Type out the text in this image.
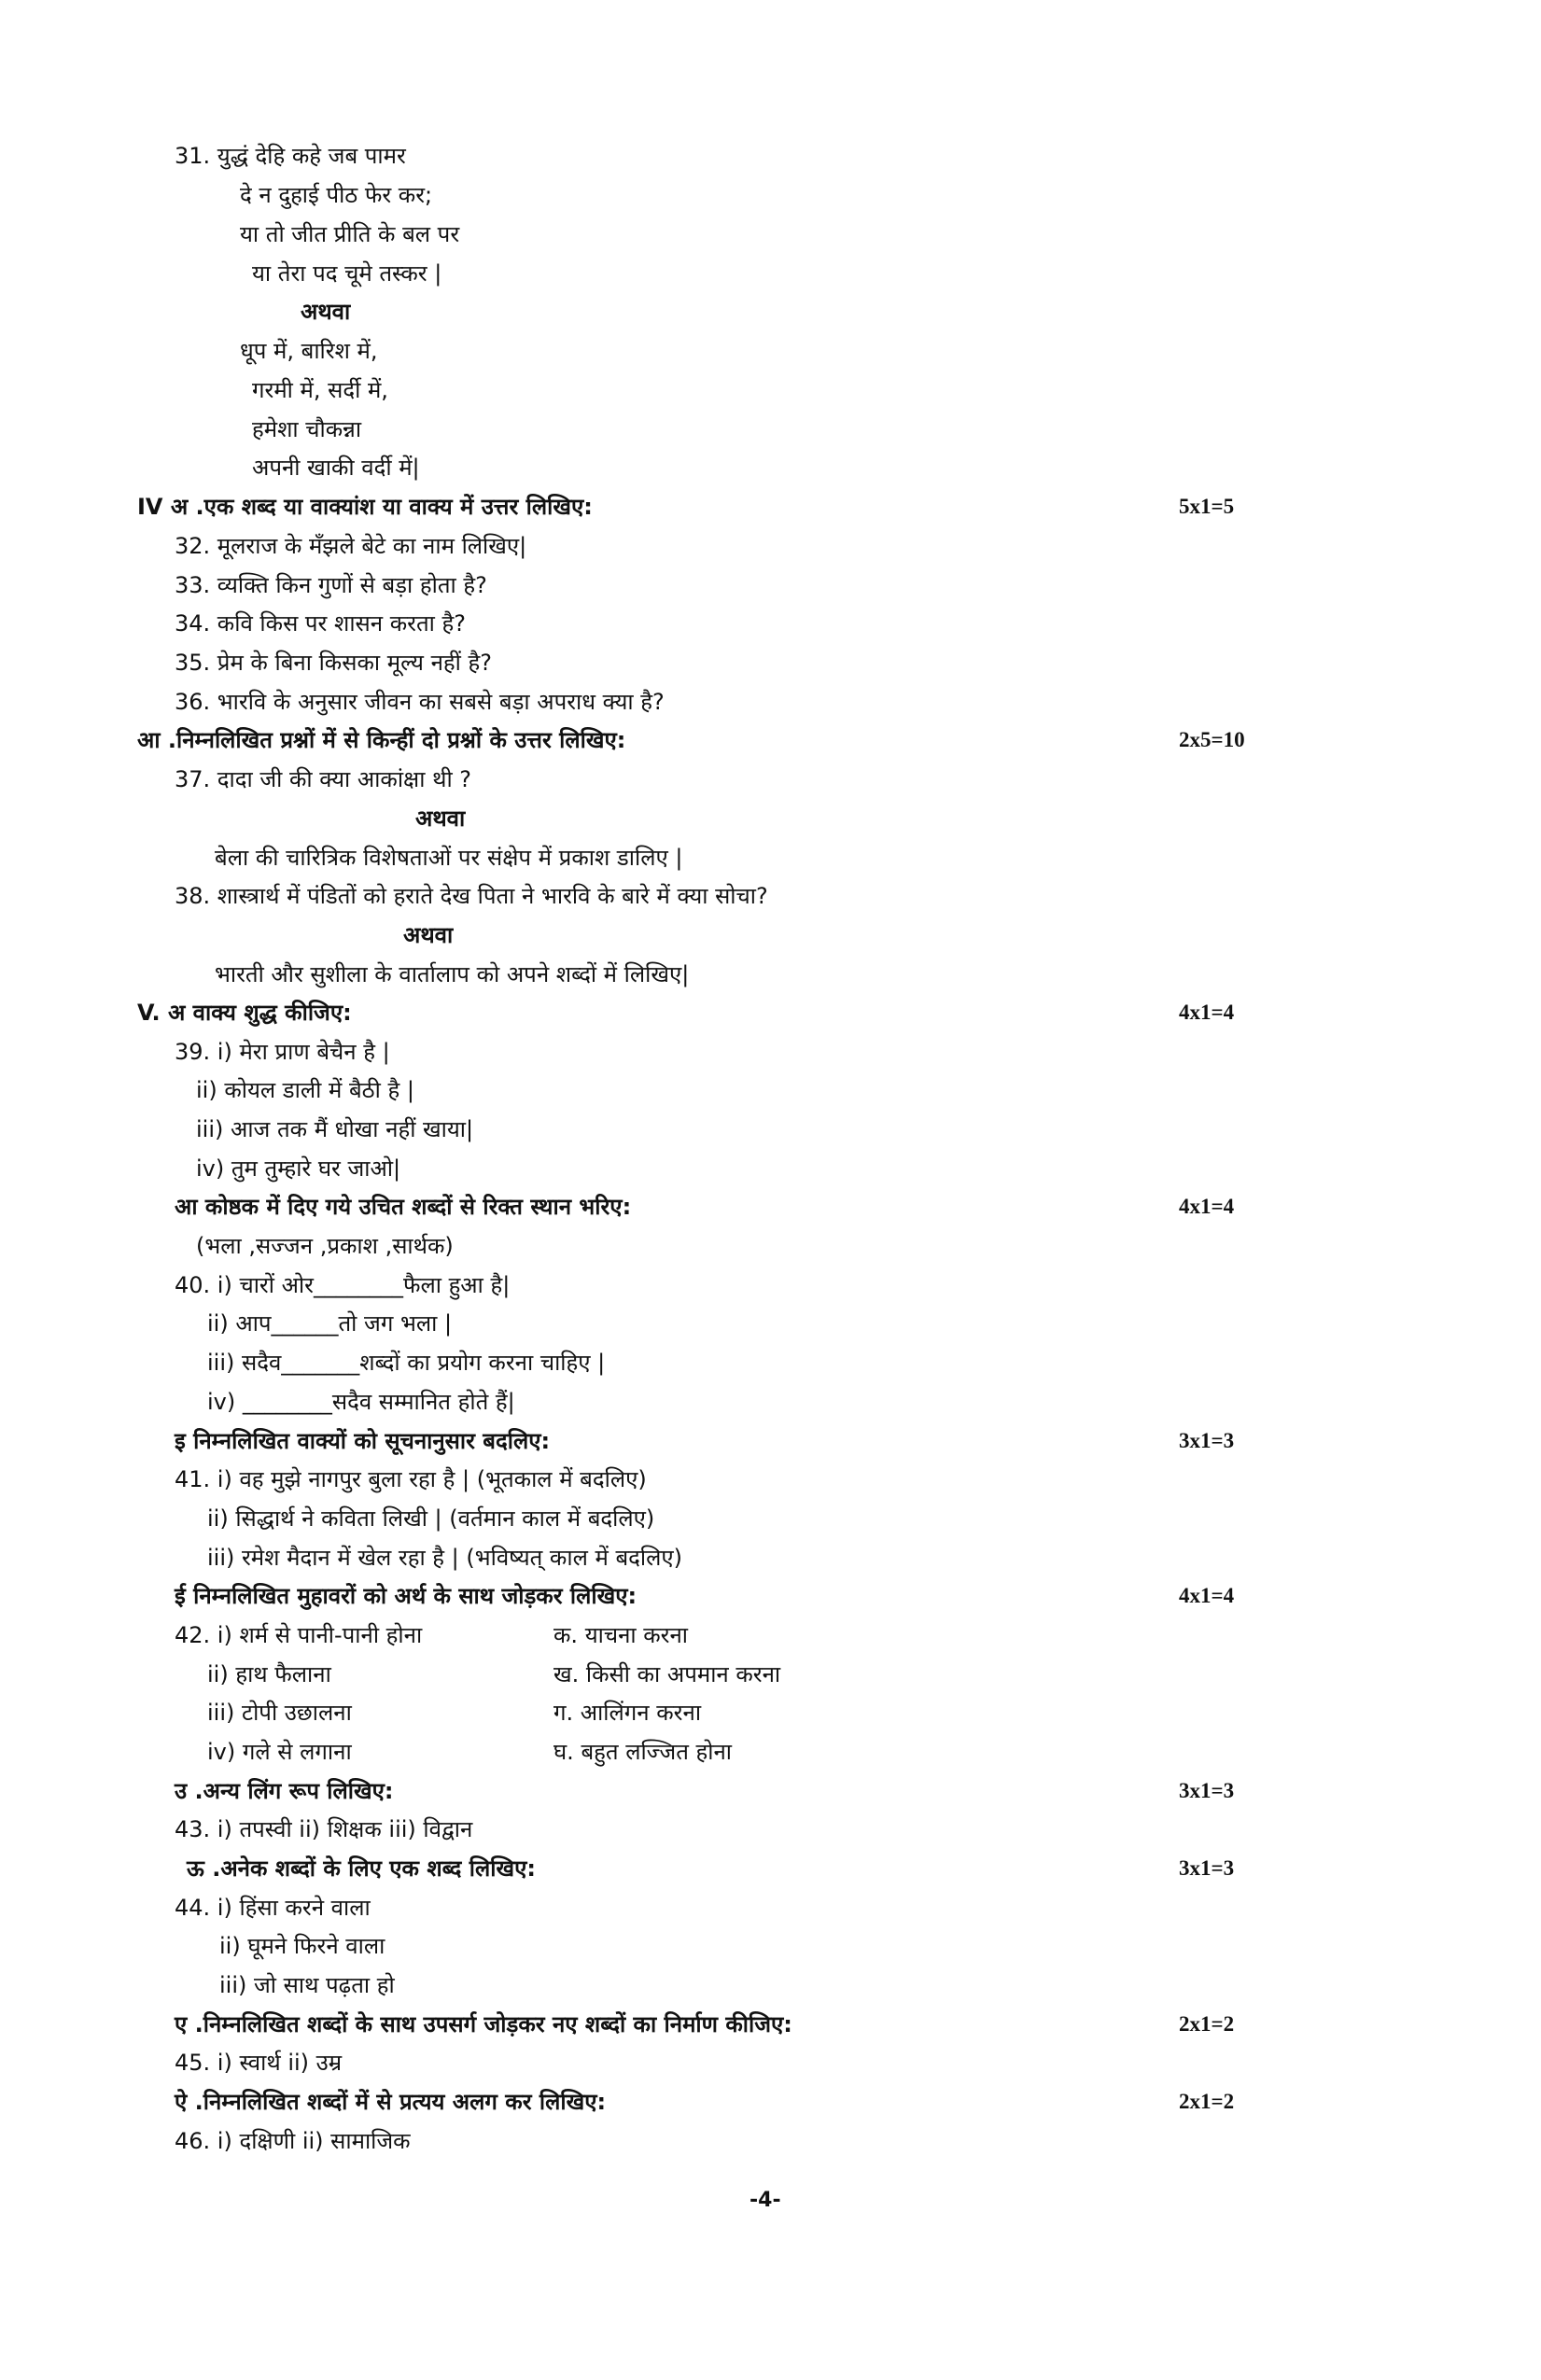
31. युद्धं देहि कहे जब पामर
दे न दुहाई पीठ फेर कर;
या तो जीत प्रीति के बल पर
या तेरा पद चूमे तस्कर |
अथवा
धूप में, बारिश में,
गरमी में, सर्दी में,
हमेशा चौकन्ना
अपनी खाकी वर्दी में|
IV अ .एक शब्द या वाक्यांश या वाक्य में उत्तर लिखिए:	5x1=5
32. मूलराज के मँझले बेटे का नाम लिखिए|
33. व्यक्ति किन गुणों से बड़ा होता है?
34. कवि किस पर शासन करता है?
35. प्रेम के बिना किसका मूल्य नहीं है?
36. भारवि के अनुसार जीवन का सबसे बड़ा अपराध क्या है?
आ .निम्नलिखित प्रश्नों में से किन्हीं दो प्रश्नों के उत्तर लिखिए:	2x5=10
37. दादा जी की क्या आकांक्षा थी ?
अथवा
बेला की चारित्रिक विशेषताओं पर संक्षेप में प्रकाश डालिए |
38. शास्त्रार्थ में पंडितों को हराते देख पिता ने भारवि के बारे में क्या सोचा?
अथवा
भारती और सुशीला के वार्तालाप को अपने शब्दों में लिखिए|
V. अ वाक्य शुद्ध कीजिए:	4x1=4
39. i) मेरा प्राण बेचैन है |
ii) कोयल डाली में बैठी है |
iii) आज तक मैं धोखा नहीं खाया|
iv) तुम तुम्हारे घर जाओ|
आ कोष्ठक में दिए गये उचित शब्दों से रिक्त स्थान भरिए:	4x1=4
(भला ,सज्जन ,प्रकाश ,सार्थक)
40. i) चारों ओर________फैला हुआ है|
ii) आप______तो जग भला |
iii) सदैव_______शब्दों का प्रयोग करना चाहिए |
iv) ________सदैव सम्मानित होते हैं|
इ निम्नलिखित वाक्यों को सूचनानुसार बदलिए:	3x1=3
41. i) वह मुझे नागपुर बुला रहा है | (भूतकाल में बदलिए)
ii) सिद्धार्थ ने कविता लिखी | (वर्तमान काल में बदलिए)
iii) रमेश मैदान में खेल रहा है | (भविष्यत् काल में बदलिए)
ई निम्नलिखित मुहावरों को अर्थ के साथ जोड़कर लिखिए:	4x1=4
42. i) शर्म से पानी-पानी होना	क. याचना करना
ii) हाथ फैलाना	ख. किसी का अपमान करना
iii) टोपी उछालना	ग. आलिंगन करना
iv) गले से लगाना	घ. बहुत लज्जित होना
उ .अन्य लिंग रूप लिखिए:	3x1=3
43. i) तपस्वी ii) शिक्षक iii) विद्वान
ऊ .अनेक शब्दों के लिए एक शब्द लिखिए:	3x1=3
44. i) हिंसा करने वाला
ii) घूमने फिरने वाला
iii) जो साथ पढ़ता हो
ए .निम्नलिखित शब्दों के साथ उपसर्ग जोड़कर नए शब्दों का निर्माण कीजिए:	2x1=2
45. i) स्वार्थ ii) उम्र
ऐ .निम्नलिखित शब्दों में से प्रत्यय अलग कर लिखिए:	2x1=2
46. i) दक्षिणी ii) सामाजिक
-4-
